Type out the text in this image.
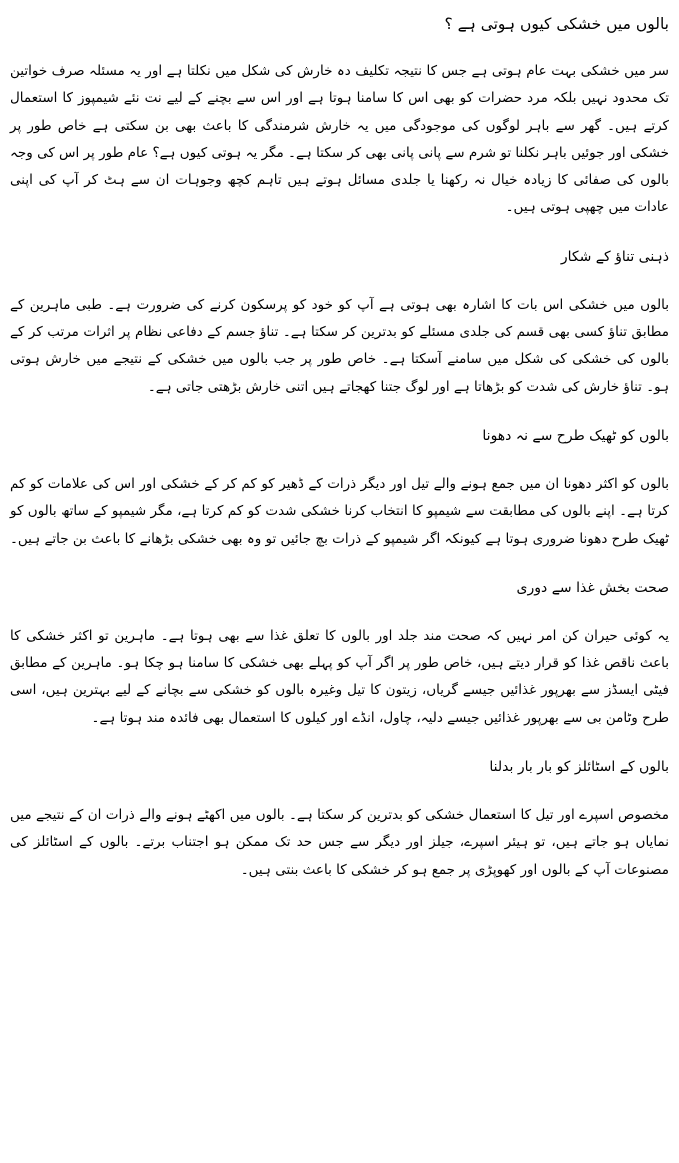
بالوں میں خشکی کیوں ہوتی ہے ؟

سر میں خشکی بہت عام ہوتی ہے جس کا نتیجہ تکلیف دہ خارش کی شکل میں نکلتا ہے اور یہ مسئلہ صرف خواتین تک محدود نہیں بلکہ مرد حضرات کو بھی اس کا سامنا ہوتا ہے اور اس سے بچنے کے لیے نت نئے شیمپوز کا استعمال کرتے ہیں۔ گھر سے باہر لوگوں کی موجودگی میں یہ خارش شرمندگی کا باعث بھی بن سکتی ہے خاص طور پر خشکی اور جوئیں باہر نکلنا تو شرم سے پانی پانی بھی کر سکتا ہے۔ مگر یہ ہوتی کیوں ہے؟ عام طور پر اس کی وجہ بالوں کی صفائی کا زیادہ خیال نہ رکھنا یا جلدی مسائل ہوتے ہیں تاہم کچھ وجوہات ان سے ہٹ کر آپ کی اپنی عادات میں چھپی ہوتی ہیں۔

ذہنی تناؤ کے شکار

بالوں میں خشکی اس بات کا اشارہ بھی ہوتی ہے آپ کو خود کو پرسکون کرنے کی ضرورت ہے۔ طبی ماہرین کے مطابق تناؤ کسی بھی قسم کی جلدی مسئلے کو بدترین کر سکتا ہے۔ تناؤ جسم کے دفاعی نظام پر اثرات مرتب کر کے بالوں کی خشکی کی شکل میں سامنے آسکتا ہے۔ خاص طور پر جب بالوں میں خشکی کے نتیجے میں خارش ہوتی ہو۔ تناؤ خارش کی شدت کو بڑھاتا ہے اور لوگ جتنا کھجاتے ہیں اتنی خارش بڑھتی جاتی ہے۔

بالوں کو ٹھیک طرح سے نہ دھونا

بالوں کو اکثر دھونا ان میں جمع ہونے والے تیل اور دیگر ذرات کے ڈھیر کو کم کر کے خشکی اور اس کی علامات کو کم کرتا ہے۔ اپنے بالوں کی مطابقت سے شیمپو کا انتخاب کرنا خشکی شدت کو کم کرتا ہے، مگر شیمپو کے ساتھ بالوں کو ٹھیک طرح دھونا ضروری ہوتا ہے کیونکہ اگر شیمپو کے ذرات بچ جائیں تو وہ بھی خشکی بڑھانے کا باعث بن جاتے ہیں۔

صحت بخش غذا سے دوری

یہ کوئی حیران کن امر نہیں کہ صحت مند جلد اور بالوں کا تعلق غذا سے بھی ہوتا ہے۔ ماہرین تو اکثر خشکی کا باعث ناقص غذا کو قرار دیتے ہیں، خاص طور پر اگر آپ کو پہلے بھی خشکی کا سامنا ہو چکا ہو۔ ماہرین کے مطابق فیٹی ایسڈز سے بھرپور غذائیں جیسے گریاں، زیتون کا تیل وغیرہ بالوں کو خشکی سے بچانے کے لیے بہترین ہیں، اسی طرح وٹامن بی سے بھرپور غذائیں جیسے دلیہ، چاول، انڈے اور کیلوں کا استعمال بھی فائدہ مند ہوتا ہے۔

بالوں کے اسٹائلز کو بار بار بدلنا

مخصوص اسپرے اور تیل کا استعمال خشکی کو بدترین کر سکتا ہے۔ بالوں میں اکھٹے ہونے والے ذرات ان کے نتیجے میں نمایاں ہو جاتے ہیں، تو ہیئر اسپرے، جیلز اور دیگر سے جس حد تک ممکن ہو اجتناب برتے۔ بالوں کے اسٹائلز کی مصنوعات آپ کے بالوں اور کھوپڑی پر جمع ہو کر خشکی کا باعث بنتی ہیں۔
